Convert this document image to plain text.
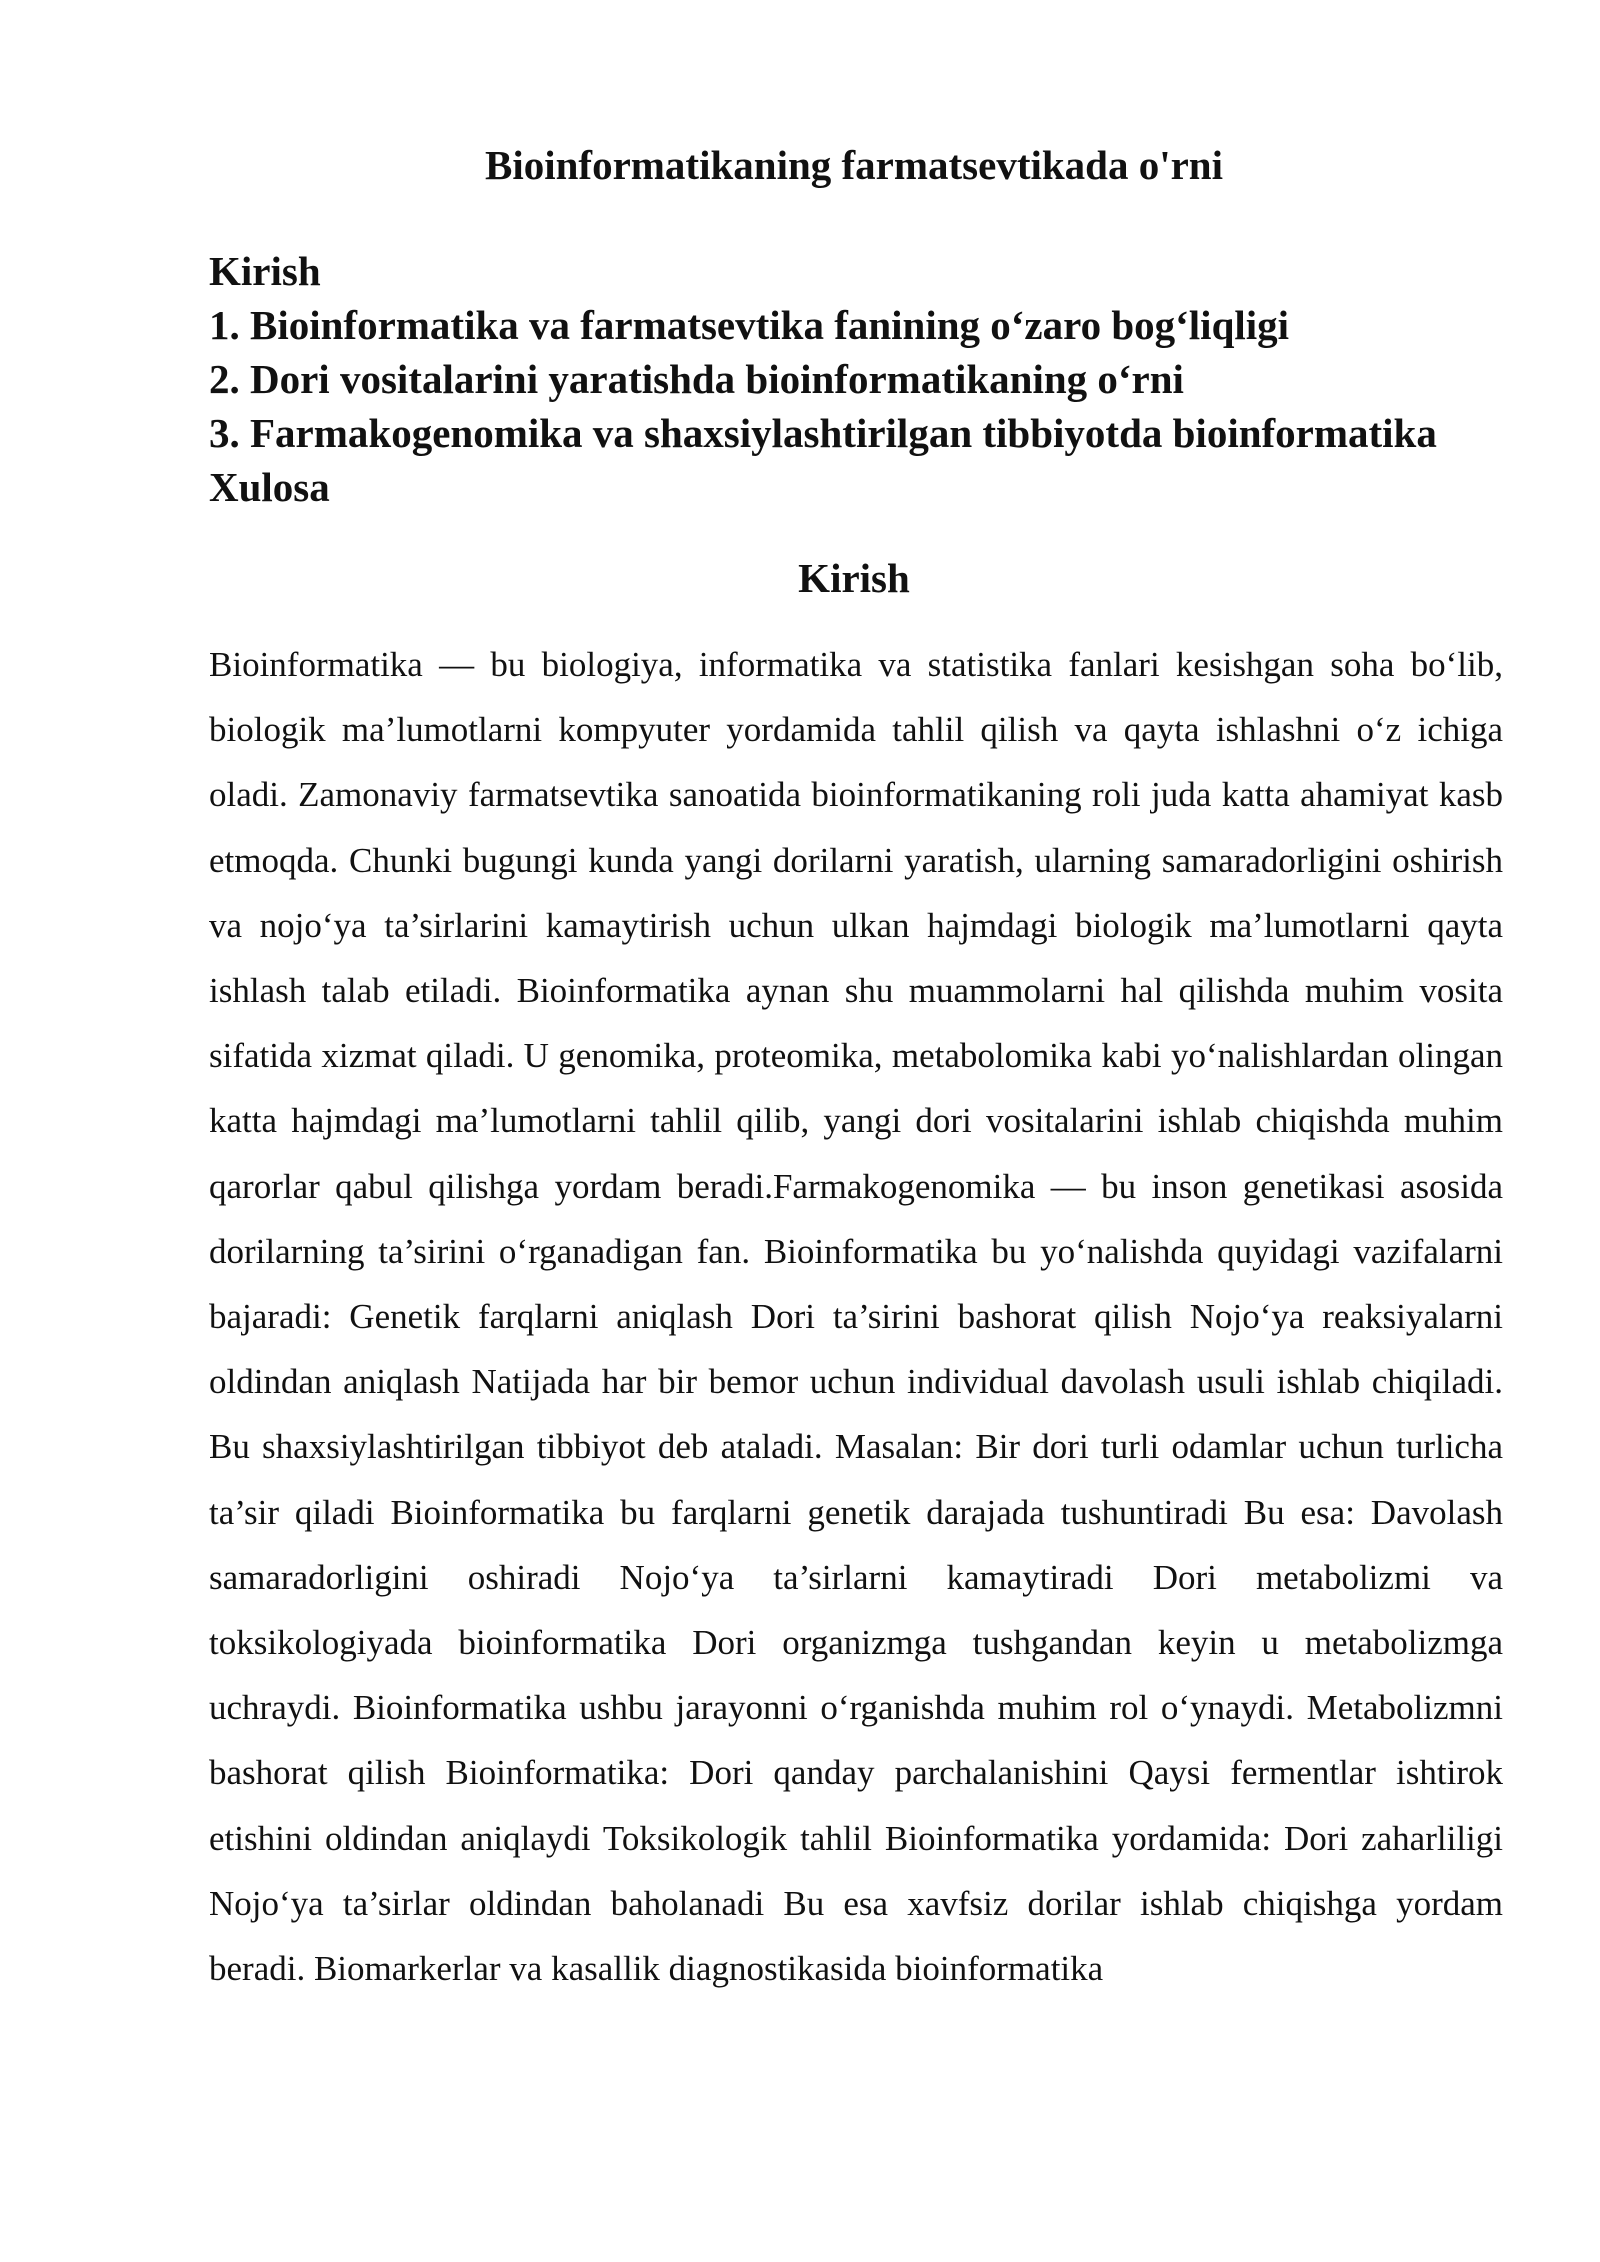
Bioinformatikaning farmatsevtikada o'rni
Kirish
1. Bioinformatika va farmatsevtika fanining o‘zaro bog‘liqligi
2. Dori vositalarini yaratishda bioinformatikaning o‘rni
3. Farmakogenomika va shaxsiylashtirilgan tibbiyotda bioinformatika
Xulosa
Kirish

Bioinformatika — bu biologiya, informatika va statistika fanlari kesishgan soha bo‘lib, biologik ma’lumotlarni kompyuter yordamida tahlil qilish va qayta ishlashni o‘z ichiga oladi. Zamonaviy farmatsevtika sanoatida bioinformatikaning roli juda katta ahamiyat kasb etmoqda. Chunki bugungi kunda yangi dorilarni yaratish, ularning samaradorligini oshirish va nojo‘ya ta’sirlarini kamaytirish uchun ulkan hajmdagi biologik ma’lumotlarni qayta ishlash talab etiladi. Bioinformatika aynan shu muammolarni hal qilishda muhim vosita sifatida xizmat qiladi. U genomika, proteomika, metabolomika kabi yo‘nalishlardan olingan katta hajmdagi ma’lumotlarni tahlil qilib, yangi dori vositalarini ishlab chiqishda muhim qarorlar qabul qilishga yordam beradi.Farmakogenomika — bu inson genetikasi asosida dorilarning ta’sirini o‘rganadigan fan. Bioinformatika bu yo‘nalishda quyidagi vazifalarni bajaradi: Genetik farqlarni aniqlash Dori ta’sirini bashorat qilish Nojo‘ya reaksiyalarni oldindan aniqlash Natijada har bir bemor uchun individual davolash usuli ishlab chiqiladi. Bu shaxsiylashtirilgan tibbiyot deb ataladi. Masalan: Bir dori turli odamlar uchun turlicha ta’sir qiladi Bioinformatika bu farqlarni genetik darajada tushuntiradi Bu esa: Davolash samaradorligini oshiradi Nojo‘ya ta’sirlarni kamaytiradi Dori metabolizmi va toksikologiyada bioinformatika Dori organizmga tushgandan keyin u metabolizmga uchraydi. Bioinformatika ushbu jarayonni o‘rganishda muhim rol o‘ynaydi. Metabolizmni bashorat qilish Bioinformatika: Dori qanday parchalanishini Qaysi fermentlar ishtirok etishini oldindan aniqlaydi Toksikologik tahlil Bioinformatika yordamida: Dori zaharliligi Nojo‘ya ta’sirlar oldindan baholanadi Bu esa xavfsiz dorilar ishlab chiqishga yordam beradi. Biomarkerlar va kasallik diagnostikasida bioinformatika
